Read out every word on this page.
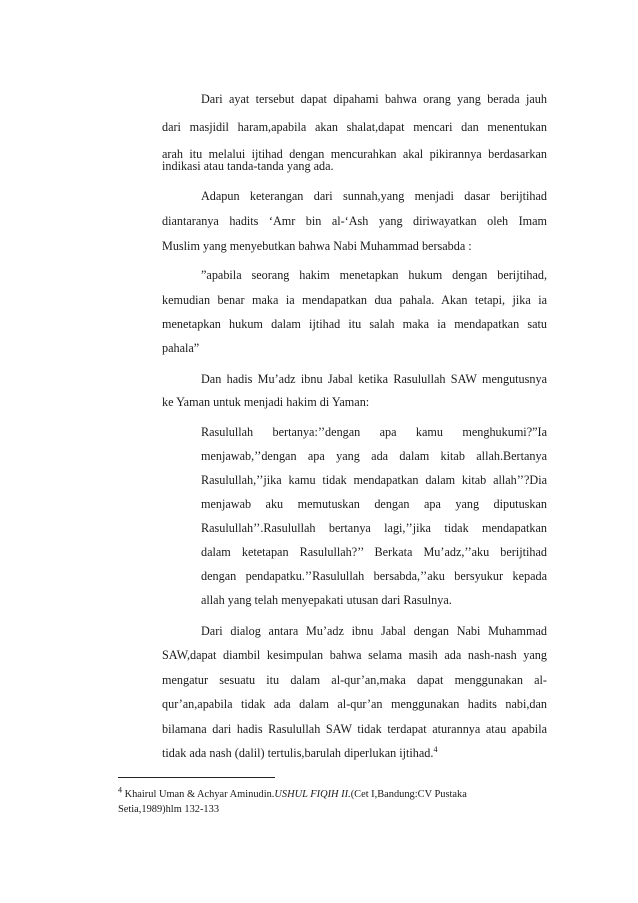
Dari ayat tersebut dapat dipahami bahwa orang yang berada jauh
dari masjidil haram,apabila akan shalat,dapat mencari dan menentukan
arah itu melalui ijtihad dengan mencurahkan akal pikirannya berdasarkan
indikasi atau tanda-tanda yang ada.
Adapun keterangan dari sunnah,yang menjadi dasar berijtihad
diantaranya hadits ‘Amr bin al-‘Ash yang diriwayatkan oleh Imam
Muslim yang menyebutkan bahwa Nabi Muhammad bersabda :
”apabila seorang hakim menetapkan hukum dengan berijtihad,
kemudian benar maka ia mendapatkan dua pahala. Akan tetapi, jika ia
menetapkan hukum dalam ijtihad itu salah maka ia mendapatkan satu
pahala”
Dan hadis Mu’adz ibnu Jabal ketika Rasulullah SAW mengutusnya
ke Yaman untuk menjadi hakim di Yaman:
Rasulullah bertanya:’’dengan apa kamu menghukumi?”Ia
menjawab,’’dengan apa yang ada dalam kitab allah.Bertanya
Rasulullah,’’jika kamu tidak mendapatkan dalam kitab allah’’?Dia
menjawab aku memutuskan dengan apa yang diputuskan
Rasulullah’’.Rasulullah bertanya lagi,’’jika tidak mendapatkan
dalam ketetapan Rasulullah?’’ Berkata Mu’adz,’’aku berijtihad
dengan pendapatku.’’Rasulullah bersabda,’’aku bersyukur kepada
allah yang telah menyepakati utusan dari Rasulnya.
Dari dialog antara Mu’adz ibnu Jabal dengan Nabi Muhammad
SAW,dapat diambil kesimpulan bahwa selama masih ada nash-nash yang
mengatur sesuatu itu dalam al-qur’an,maka dapat menggunakan al-
qur’an,apabila tidak ada dalam al-qur’an menggunakan hadits nabi,dan
bilamana dari hadis Rasulullah SAW tidak terdapat aturannya atau apabila
tidak ada nash (dalil) tertulis,barulah diperlukan ijtihad.$^4$
$^4$ Khairul Uman & Achyar Aminudin.USHUL FIQIH II.(Cet I,Bandung:CV Pustaka
Setia,1989)hlm 132-133
